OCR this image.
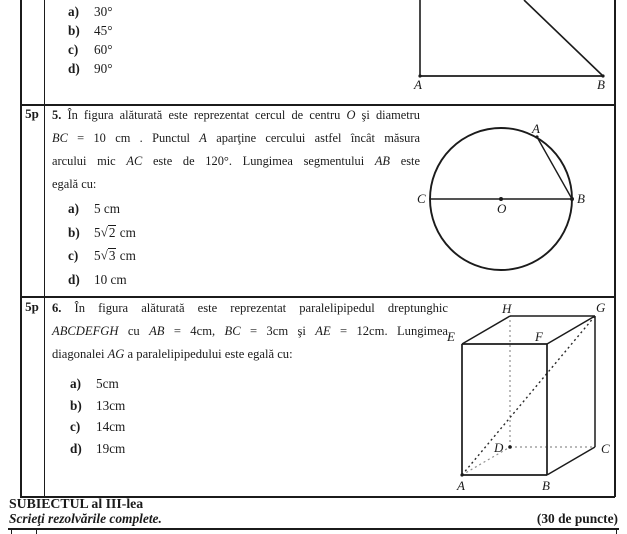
a)	30°
b)	45°
c)	60°
d)	90°
A	B
5p	5. În figura alăturată este reprezentat cercul de centru O şi diametru
BC = 10 cm . Punctul A aparţine cercului astfel încât măsura
arcului mic AC este de 120°. Lungimea segmentului AB este
egală cu:
a)	5 cm
b)	5√2 cm
c)	5√3 cm
d)	10 cm
C
A
B
O
5p	6. În figura alăturată este reprezentat paralelipipedul dreptunghic
ABCDEFGH cu AB = 4cm, BC = 3cm şi AE = 12cm. Lungimea
diagonalei AG a paralelipipedului este egală cu:
a)	5cm
b)	13cm
c)	14cm
d)	19cm
A	B
C
D
E	F
H	G
SUBIECTUL al III-lea
Scrieţi rezolvările complete.	(30 de puncte)
